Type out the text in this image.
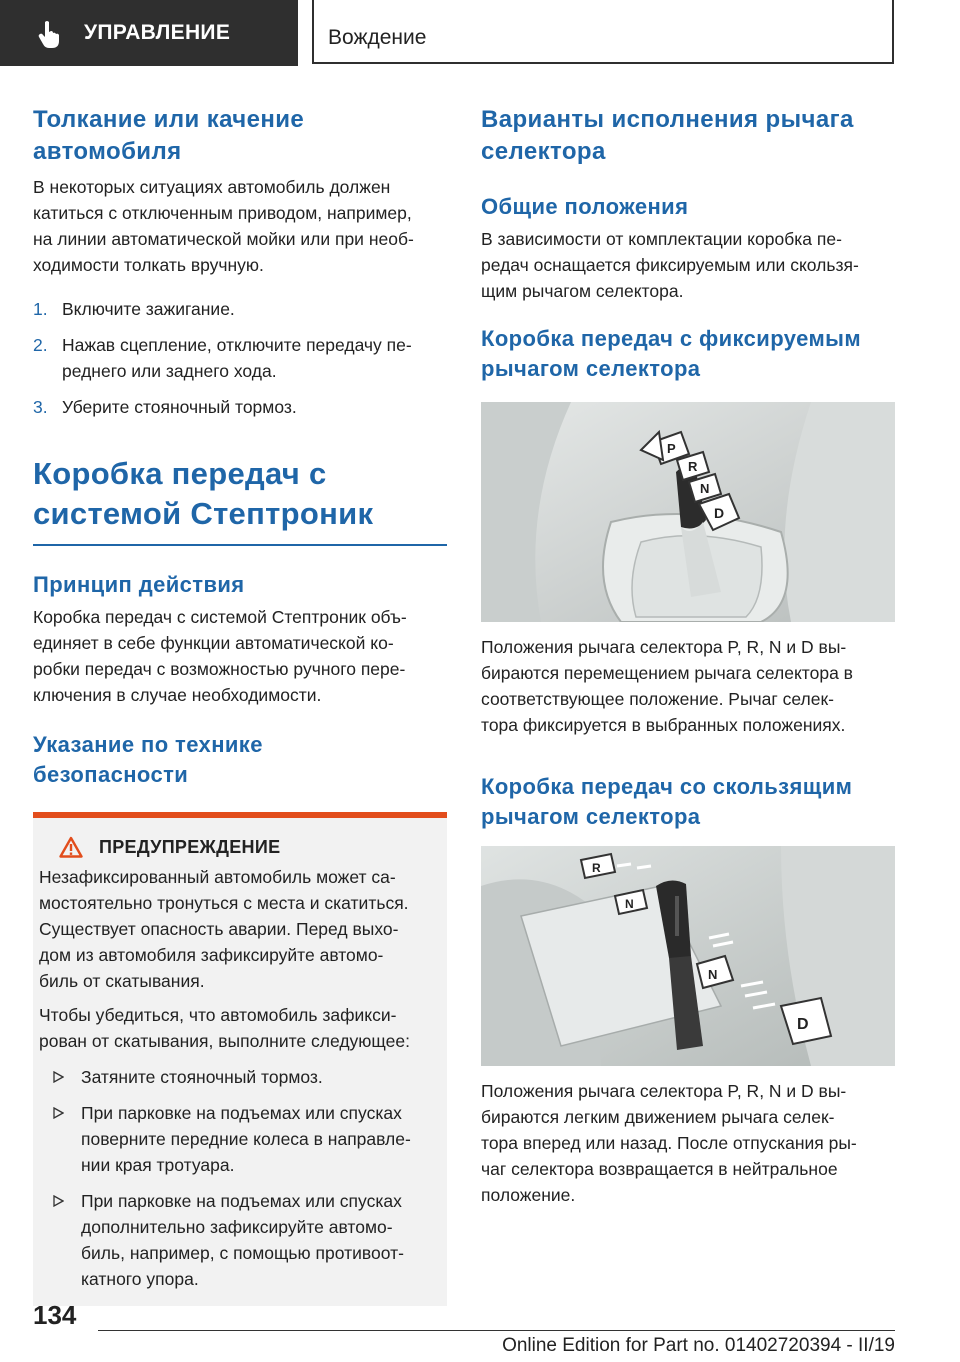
УПРАВЛЕНИЕ	Вождение
Толкание или качение
автомобиля

В некоторых ситуациях автомобиль должен
катиться с отключенным приводом, например,
на линии автоматической мойки или при необ‐
ходимости толкать вручную.

1. Включите зажигание.
2. Нажав сцепление, отключите передачу пе‐
реднего или заднего хода.
3. Уберите стояночный тормоз.
Коробка передач с
системой Стептроник
Принцип действия

Коробка передач с системой Стептроник объ‐
единяет в себе функции автоматической ко‐
робки передач с возможностью ручного пере‐
ключения в случае необходимости.

Указание по технике
безопасности
ПРЕДУПРЕЖДЕНИЕ

Незафиксированный автомобиль может са‐
мостоятельно тронуться с места и скатиться.
Существует опасность аварии. Перед выхо‐
дом из автомобиля зафиксируйте автомо‐
биль от скатывания.

Чтобы убедиться, что автомобиль зафикси‐
рован от скатывания, выполните следующее:

Затяните стояночный тормоз.
При парковке на подъемах или спусках
поверните передние колеса в направле‐
нии края тротуара.
При парковке на подъемах или спусках
дополнительно зафиксируйте автомо‐
биль, например, с помощью противоот‐
катного упора.
Варианты исполнения рычага
селектора
Общие положения

В зависимости от комплектации коробка пе‐
редач оснащается фиксируемым или скользя‐
щим рычагом селектора.

Коробка передач с фиксируемым
рычагом селектора
P
R
N
D

Положения рычага селектора P, R, N и D вы‐
бираются перемещением рычага селектора в
соответствующее положение. Рычаг селек‐
тора фиксируется в выбранных положениях.

Коробка передач со скользящим
рычагом селектора
R
N
N
D

Положения рычага селектора P, R, N и D вы‐
бираются легким движением рычага селек‐
тора вперед или назад. После отпускания ры‐
чаг селектора возвращается в нейтральное
положение.

134
Online Edition for Part no. 01402720394 - II/19
